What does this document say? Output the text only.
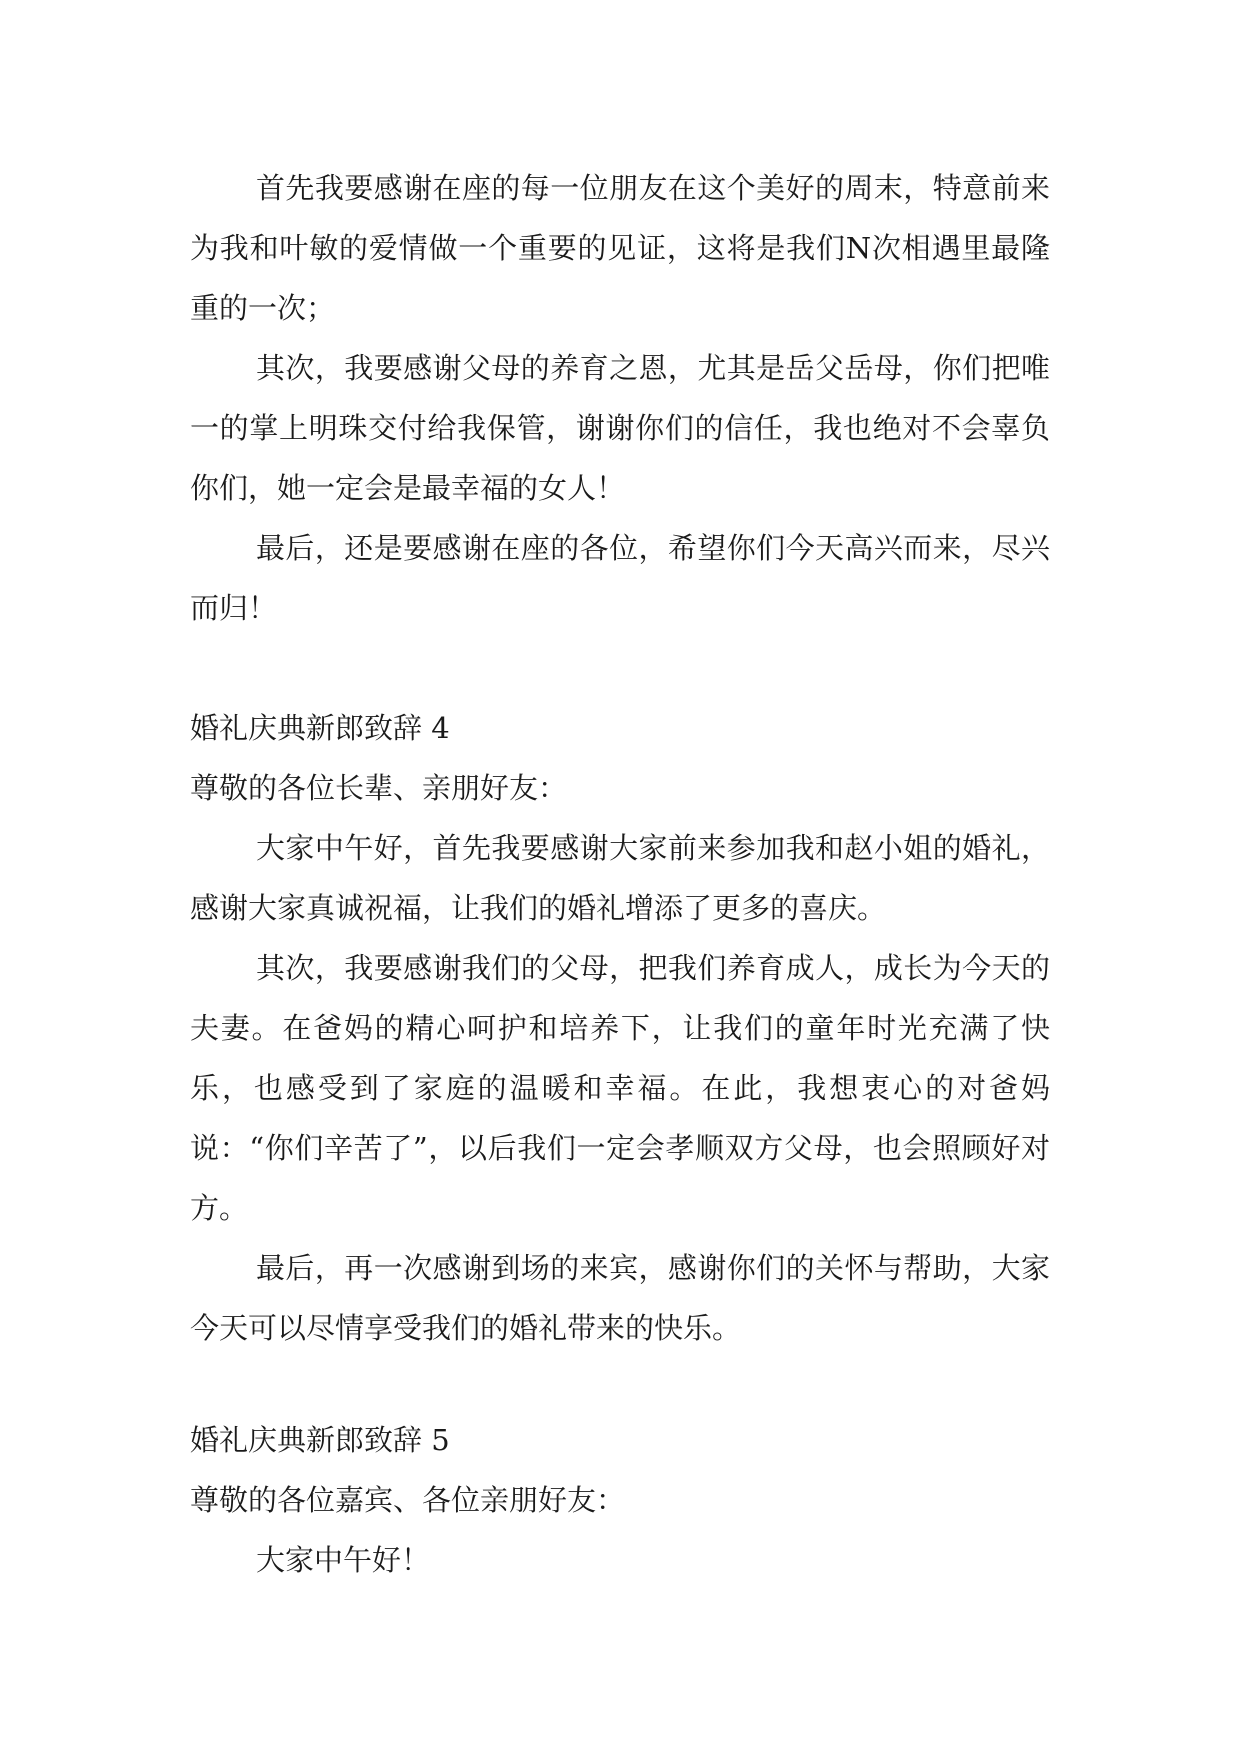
首先我要感谢在座的每一位朋友在这个美好的周末，特意前来为我和叶敏的爱情做一个重要的见证，这将是我们N次相遇里最隆重的一次；

其次，我要感谢父母的养育之恩，尤其是岳父岳母，你们把唯一的掌上明珠交付给我保管，谢谢你们的信任，我也绝对不会辜负你们，她一定会是最幸福的女人！

最后，还是要感谢在座的各位，希望你们今天高兴而来，尽兴而归！

婚礼庆典新郎致辞 4

尊敬的各位长辈、亲朋好友：

大家中午好，首先我要感谢大家前来参加我和赵小姐的婚礼，感谢大家真诚祝福，让我们的婚礼增添了更多的喜庆。

其次，我要感谢我们的父母，把我们养育成人，成长为今天的夫妻。在爸妈的精心呵护和培养下，让我们的童年时光充满了快乐，也感受到了家庭的温暖和幸福。在此，我想衷心的对爸妈说：“你们辛苦了”，以后我们一定会孝顺双方父母，也会照顾好对方。

最后，再一次感谢到场的来宾，感谢你们的关怀与帮助，大家今天可以尽情享受我们的婚礼带来的快乐。

婚礼庆典新郎致辞 5

尊敬的各位嘉宾、各位亲朋好友：

大家中午好！
